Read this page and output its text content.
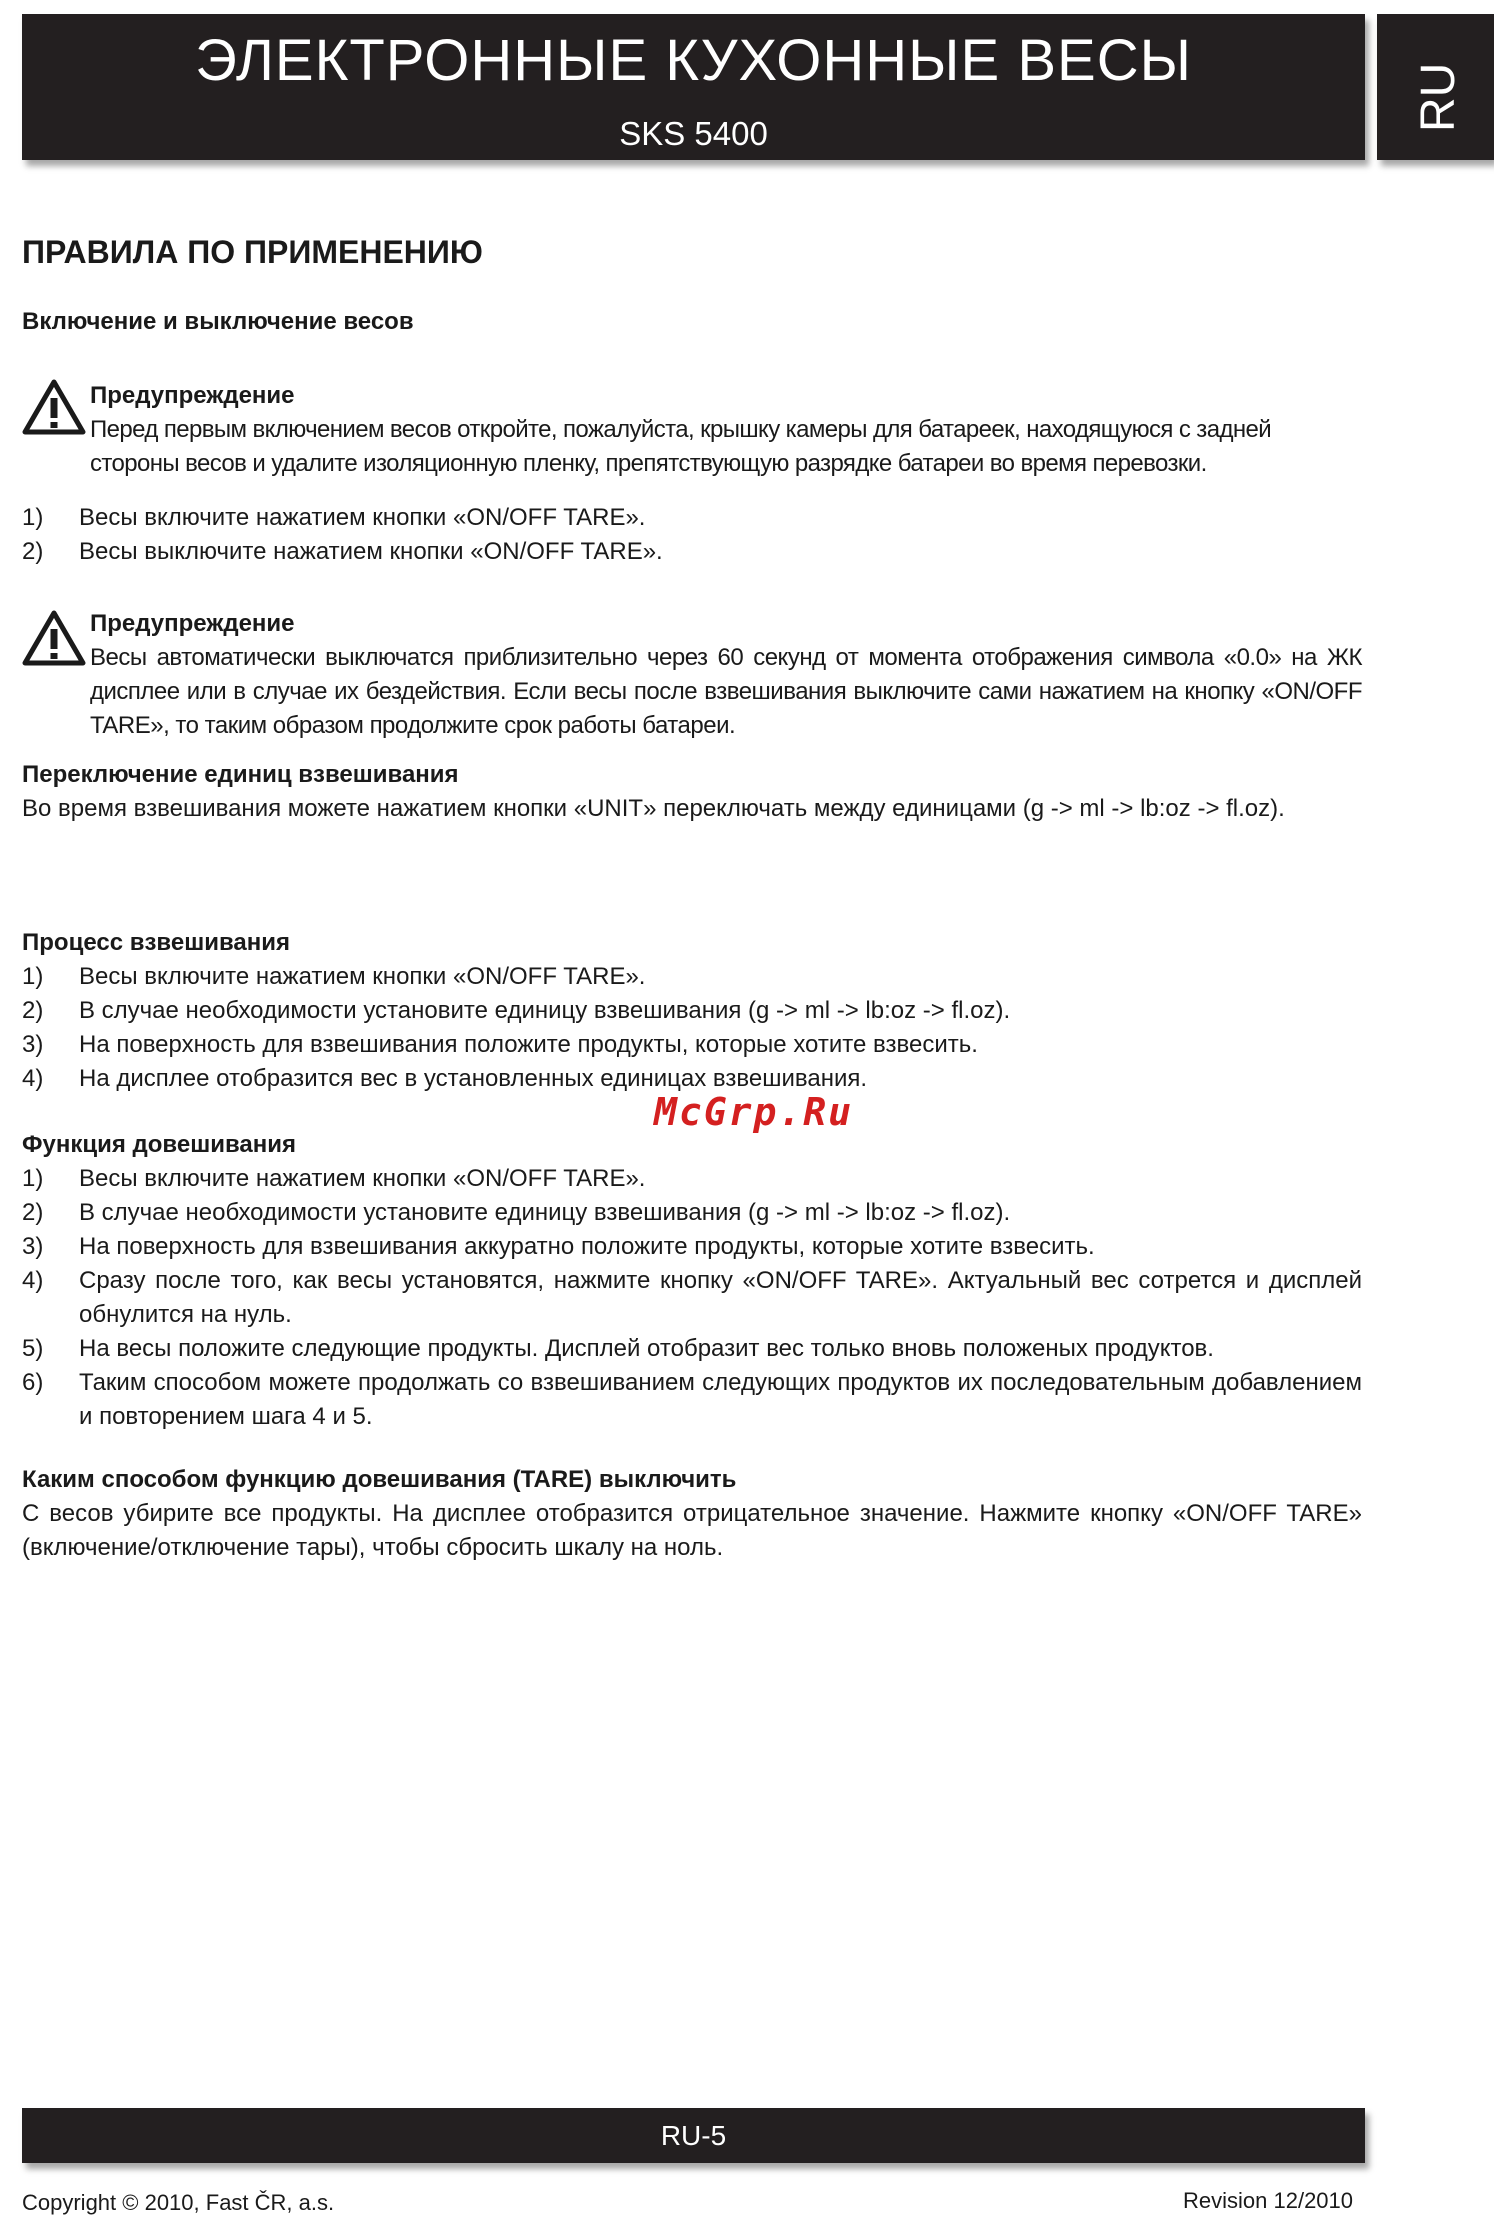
ЭЛЕКТРОННЫЕ КУХОННЫЕ ВЕСЫ
SKS 5400
RU
ПРАВИЛА ПО ПРИМЕНЕНИЮ
Включение и выключение весов
Предупреждение
Перед первым включением весов откройте, пожалуйста, крышку камеры для батареек, находящуюся с задней
стороны весов и удалите изоляционную пленку, препятствующую разрядке батареи во время перевозки.
1) Весы включите нажатием кнопки «ON/OFF TARE».
2) Весы выключите нажатием кнопки «ON/OFF TARE».
Предупреждение
Весы автоматически выключатся приблизительно через 60 секунд от момента отображения символа «0.0» на ЖК дисплее или в случае их бездействия. Если весы после взвешивания выключите сами нажатием на кнопку «ON/OFF TARE», то таким образом продолжите срок работы батареи.
Переключение единиц взвешивания
Во время взвешивания можете нажатием кнопки «UNIT» переключать между единицами (g -> ml -> lb:oz -> fl.oz).
Процесс взвешивания
1) Весы включите нажатием кнопки «ON/OFF TARE».
2) В случае необходимости установите единицу взвешивания (g -> ml -> lb:oz -> fl.oz).
3) На поверхность для взвешивания положите продукты, которые хотите взвесить.
4) На дисплее отобразится вес в установленных единицах взвешивания.
Функция довешивания
1) Весы включите нажатием кнопки «ON/OFF TARE».
2) В случае необходимости установите единицу взвешивания (g -> ml -> lb:oz -> fl.oz).
3) На поверхность для взвешивания аккуратно положите продукты, которые хотите взвесить.
4) Сразу после того, как весы установятся, нажмите кнопку «ON/OFF TARE». Актуальный вес сотрется и дисплей обнулится на нуль.
5) На весы положите следующие продукты. Дисплей отобразит вес только вновь положеных продуктов.
6) Таким способом можете продолжать со взвешиванием следующих продуктов их последовательным добавлением и повторением шага 4 и 5.
Каким способом функцию довешивания (TARE) выключить
С весов убирите все продукты. На дисплее отобразится отрицательное значение. Нажмите кнопку «ON/OFF TARE» (включение/отключение тары), чтобы сбросить шкалу на ноль.
McGrp.Ru
RU-5
Copyright © 2010, Fast ČR, a.s.	Revision 12/2010
